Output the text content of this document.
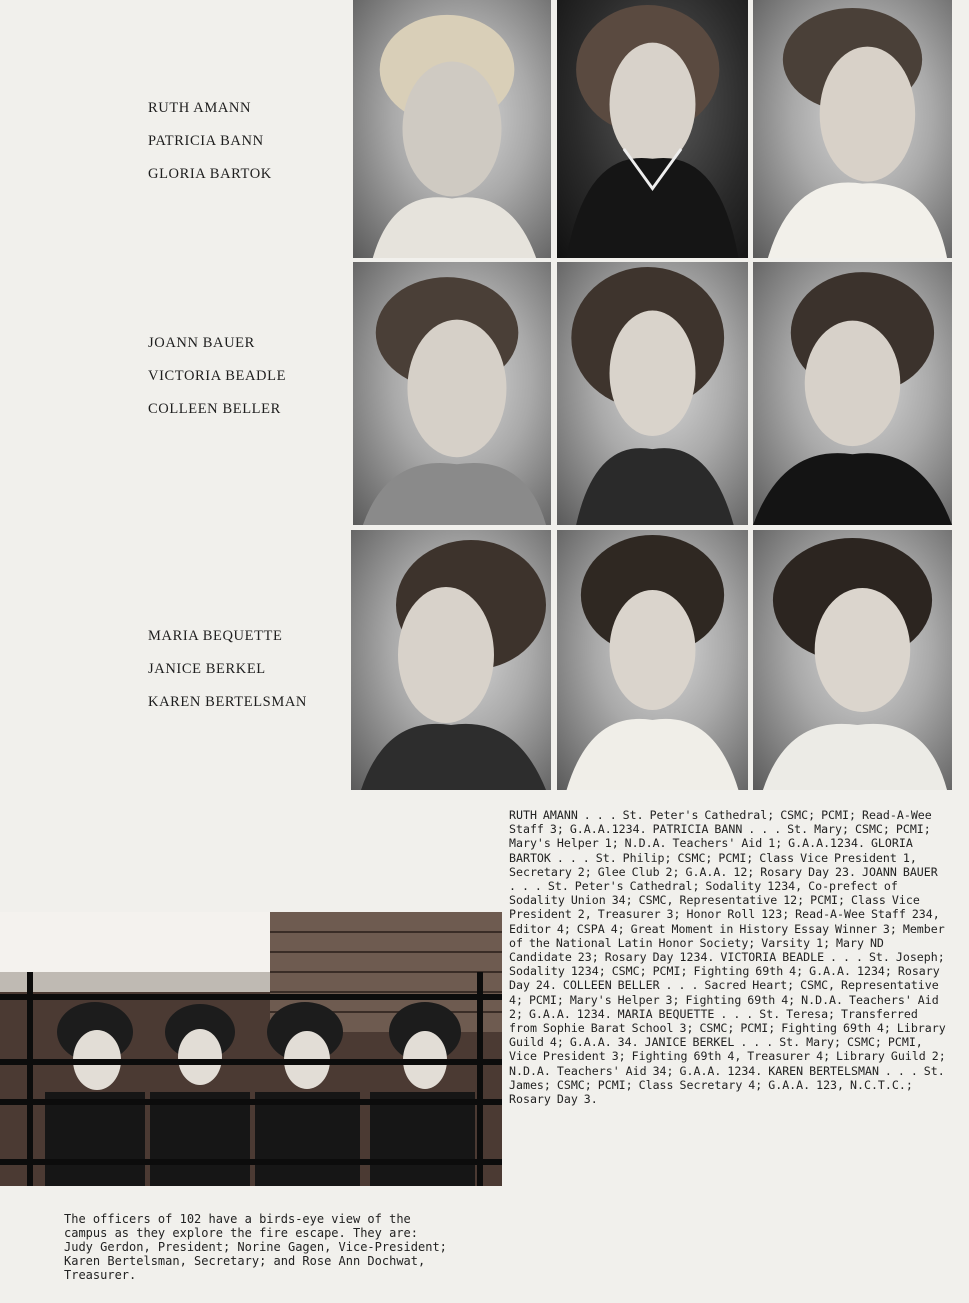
RUTH AMANN
PATRICIA BANN
GLORIA BARTOK
JOANN BAUER
VICTORIA BEADLE
COLLEEN BELLER
MARIA BEQUETTE
JANICE BERKEL
KAREN BERTELSMAN
RUTH AMANN . . . St. Peter's Cathedral; CSMC; PCMI; Read-A-Wee Staff 3; G.A.A.1234. PATRICIA BANN . . . St. Mary; CSMC; PCMI; Mary's Helper 1; N.D.A. Teachers' Aid 1; G.A.A.1234. GLORIA BARTOK . . . St. Philip; CSMC; PCMI; Class Vice President 1, Secretary 2; Glee Club 2; G.A.A. 12; Rosary Day 23. JOANN BAUER . . . St. Peter's Cathedral; Sodality 1234, Co-prefect of Sodality Union 34; CSMC, Representative 12; PCMI; Class Vice President 2, Treasurer 3; Honor Roll 123; Read-A-Wee Staff 234, Editor 4; CSPA 4; Great Moment in History Essay Winner 3; Member of the National Latin Honor Society; Varsity 1; Mary ND Candidate 23; Rosary Day 1234. VICTORIA BEADLE . . . St. Joseph; Sodality 1234; CSMC; PCMI; Fighting 69th 4; G.A.A. 1234; Rosary Day 24. COLLEEN BELLER . . . Sacred Heart; CSMC, Representative 4; PCMI; Mary's Helper 3; Fighting 69th 4; N.D.A. Teachers' Aid 2; G.A.A. 1234. MARIA BEQUETTE . . . St. Teresa; Transferred from Sophie Barat School 3; CSMC; PCMI; Fighting 69th 4; Library Guild 4; G.A.A. 34. JANICE BERKEL . . . St. Mary; CSMC; PCMI, Vice President 3; Fighting 69th 4, Treasurer 4; Library Guild 2; N.D.A. Teachers' Aid 34; G.A.A. 1234. KAREN BERTELSMAN . . . St. James; CSMC; PCMI; Class Secretary 4; G.A.A. 123, N.C.T.C.; Rosary Day 3.
The officers of 102 have a birds-eye view of the campus as they explore the fire escape. They are: Judy Gerdon, President; Norine Gagen, Vice-President; Karen Bertelsman, Secretary; and Rose Ann Dochwat, Treasurer.
